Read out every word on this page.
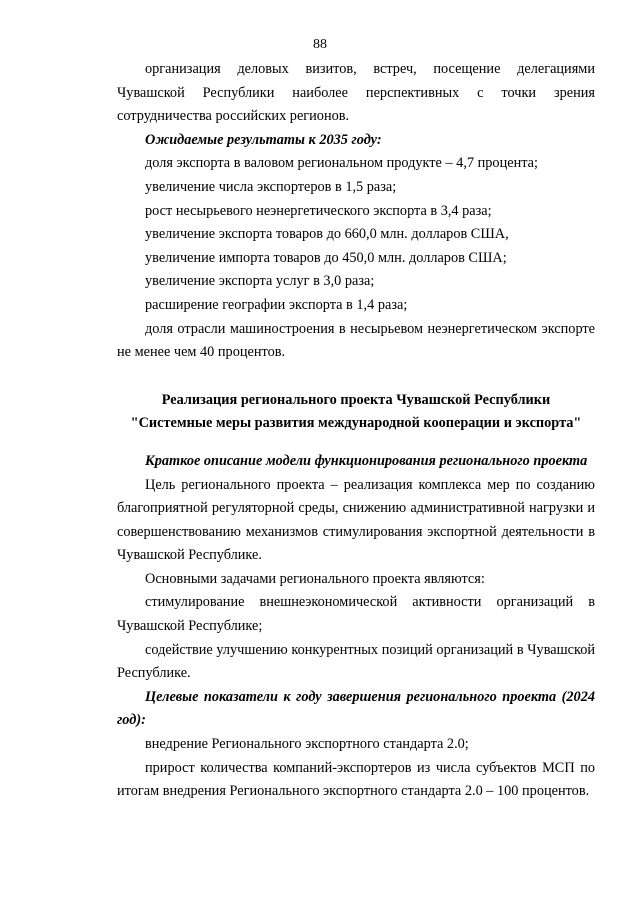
88

организация деловых визитов, встреч, посещение делегациями Чувашской Республики наиболее перспективных с точки зрения сотрудничества российских регионов.

Ожидаемые результаты к 2035 году:

доля экспорта в валовом региональном продукте – 4,7 процента;

увеличение числа экспортеров в 1,5 раза;

рост несырьевого неэнергетического экспорта в 3,4 раза;

увеличение экспорта товаров до 660,0 млн. долларов США,

увеличение импорта товаров до 450,0 млн. долларов США;

увеличение экспорта услуг в 3,0 раза;

расширение географии экспорта в 1,4 раза;

доля отрасли машиностроения в несырьевом неэнергетическом экспорте не менее чем 40 процентов.

Реализация регионального проекта Чувашской Республики

"Системные меры развития международной кооперации и экспорта"

Краткое описание модели функционирования регионального проекта

Цель регионального проекта – реализация комплекса мер по созданию благоприятной регуляторной среды, снижению административной нагрузки и совершенствованию механизмов стимулирования экспортной деятельности в Чувашской Республике.

Основными задачами регионального проекта являются:

стимулирование внешнеэкономической активности организаций в Чувашской Республике;

содействие улучшению конкурентных позиций организаций в Чувашской Республике.

Целевые показатели к году завершения регионального проекта (2024 год):

внедрение Регионального экспортного стандарта 2.0;

прирост количества компаний-экспортеров из числа субъектов МСП по итогам внедрения Регионального экспортного стандарта 2.0 – 100 процентов.
